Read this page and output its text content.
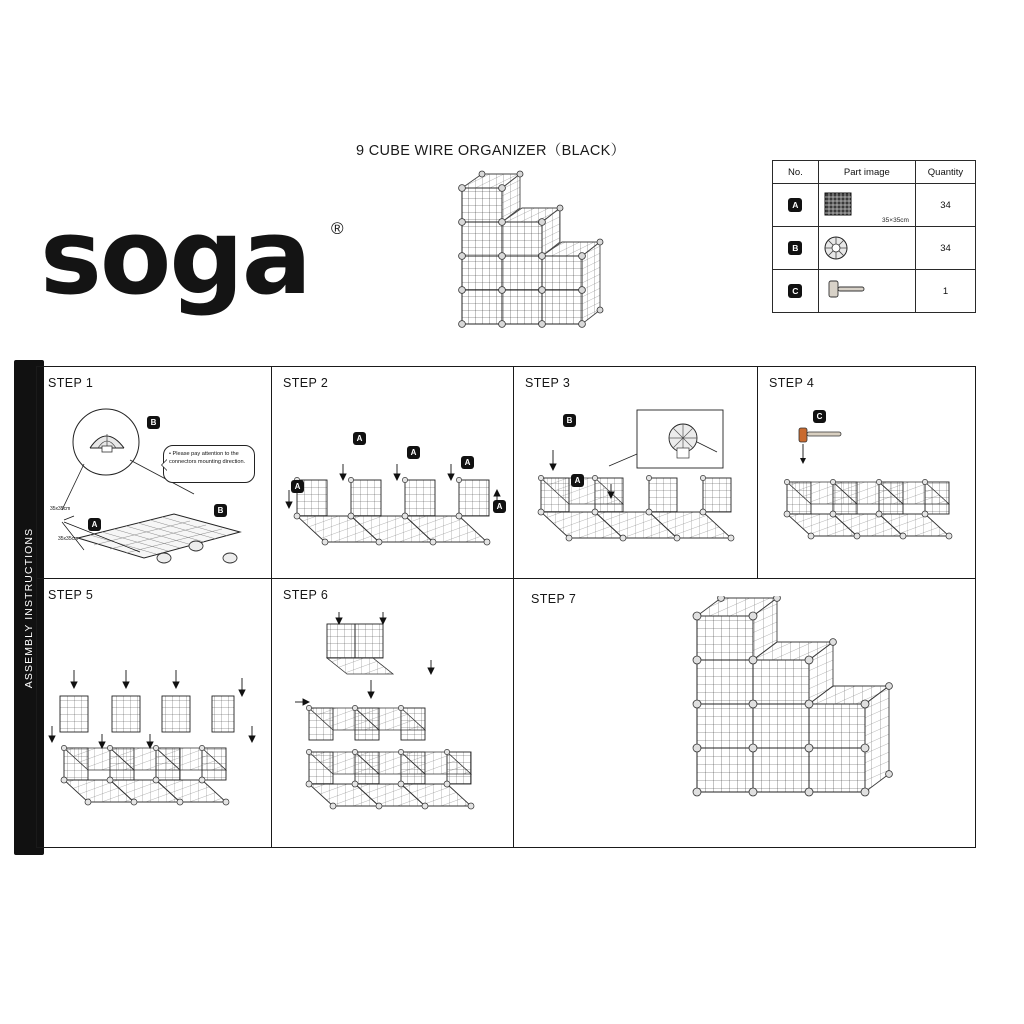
9 CUBE WIRE ORGANIZER（BLACK）
soga	®
No.	Part image	Quantity
A	35×35cm	34
B		34
C		1
ASSEMBLY INSTRUCTIONS
STEP 1
B
A
B
35x35cm
35x35cm
• Please pay attention to the connectors mounting direction.
STEP 2
A
A
A
A
A
STEP 3
B
A
STEP 4
C
STEP 5	STEP 6	STEP 7
